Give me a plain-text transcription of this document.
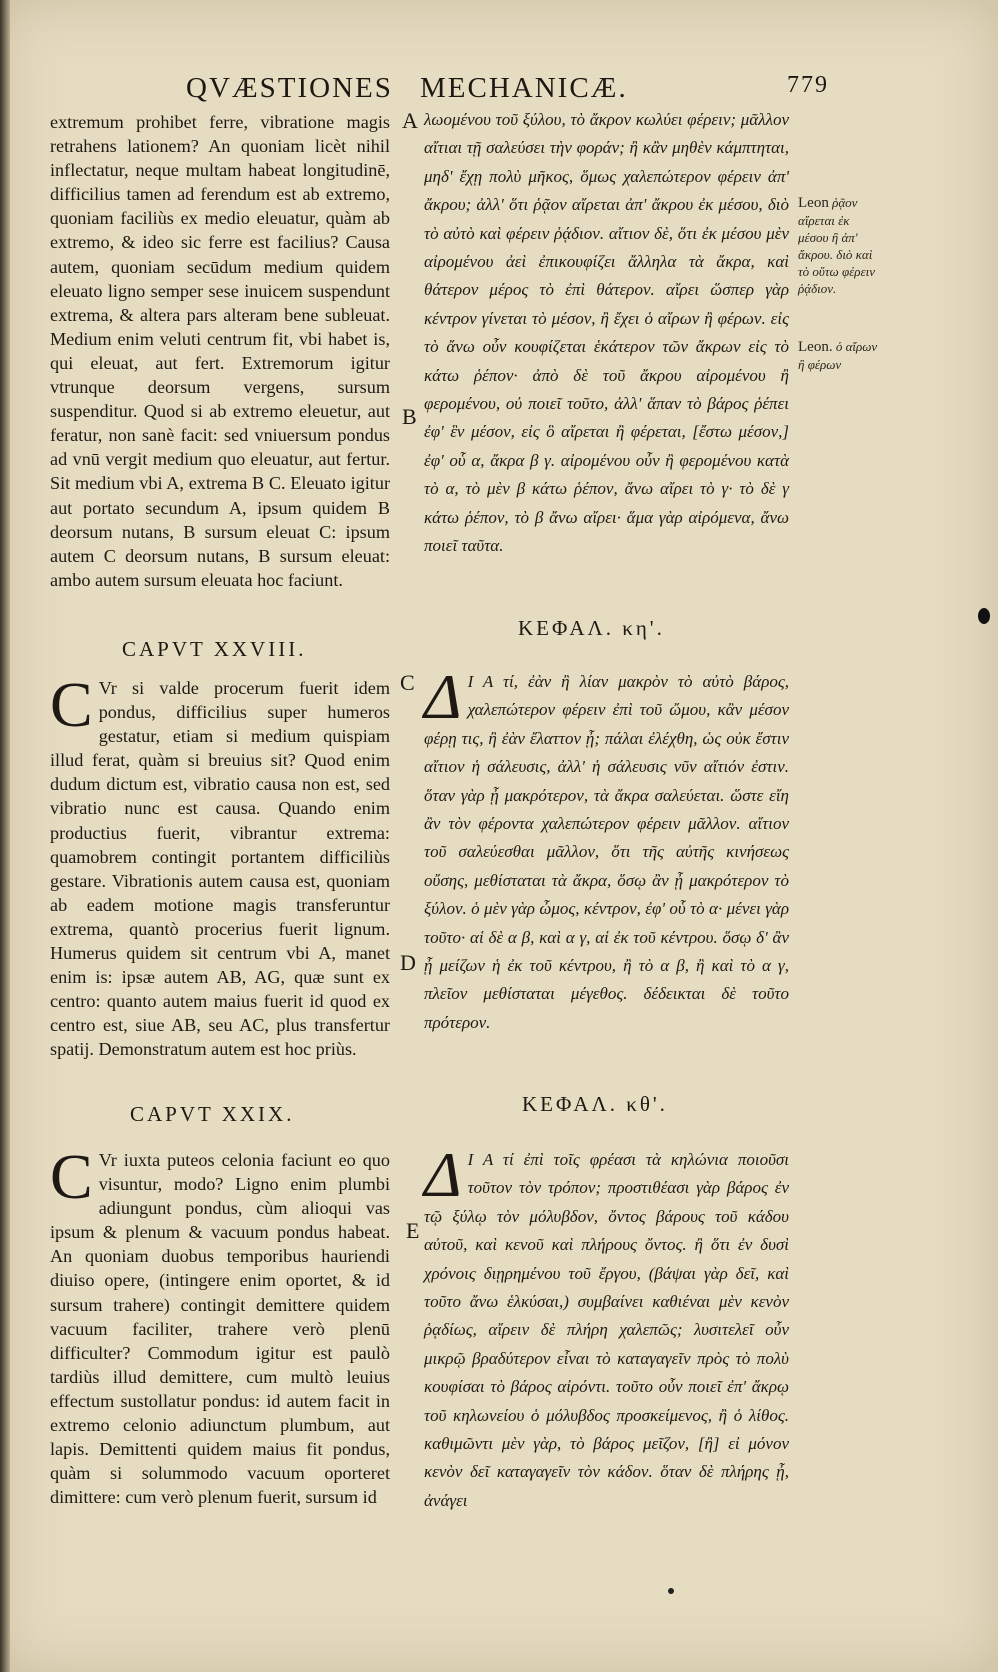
QVÆSTIONES MECHANICÆ.	779

extremum prohibet ferre, vibratione magis retrahens lationem? An quoniam licèt nihil inflectatur, neque multam habeat longitudinē, difficilius tamen ad ferendum est ab extremo, quoniam faciliùs ex medio eleuatur, quàm ab extremo, & ideo sic ferre est facilius? Causa autem, quoniam secūdum medium quidem eleuato ligno semper sese inuicem suspendunt extrema, & altera pars alteram bene subleuat. Medium enim veluti centrum fit, vbi habet is, qui eleuat, aut fert. Extremorum igitur vtrunque deorsum vergens, sursum suspenditur. Quod si ab extremo eleuetur, aut feratur, non sanè facit: sed vniuersum pondus ad vnū vergit medium quo eleuatur, aut fertur. Sit medium vbi A, extrema B C. Eleuato igitur aut portato secundum A, ipsum quidem B deorsum nutans, B sursum eleuat C: ipsum autem C deorsum nutans, B sursum eleuat: ambo autem sursum eleuata hoc faciunt.

CAPVT XXVIII.
C Vr si valde procerum fuerit idem pondus, difficilius super humeros gestatur, etiam si medium quispiam illud ferat, quàm si breuius sit? Quod enim dudum dictum est, vibratio causa non est, sed vibratio nunc est causa. Quando enim productius fuerit, vibrantur extrema: quamobrem contingit portantem difficiliùs gestare. Vibrationis autem causa est, quoniam ab eadem motione magis transferuntur extrema, quantò procerius fuerit lignum. Humerus quidem sit centrum vbi A, manet enim is: ipsæ autem AB, AG, quæ sunt ex centro: quanto autem maius fuerit id quod ex centro est, siue AB, seu AC, plus transfertur spatij. Demonstratum autem est hoc priùs.

CAPVT XXIX.
C Vr iuxta puteos celonia faciunt eo quo visuntur, modo? Ligno enim plumbi adiungunt pondus, cùm alioqui vas ipsum & plenum & vacuum pondus habeat. An quoniam duobus temporibus hauriendi diuiso opere, (intingere enim oportet, & id sursum trahere) contingit demittere quidem vacuum faciliter, trahere verò plenū difficulter? Commodum igitur est paulò tardiùs illud demittere, cum multò leuius effectum sustollatur pondus: id autem facit in extremo celonio adiunctum plumbum, aut lapis. Demittenti quidem maius fit pondus, quàm si solummodo vacuum oporteret dimittere: cum verò plenum fuerit, sursum id

A
B
C
D
E

λωομένου τοῦ ξύλου, τὸ ἄκρον κωλύει φέρειν; μᾶλλον αἴτιαι τῇ σαλεύσει τὴν φοράν; ἢ κἂν μηθὲν κάμπτηται, μηδ' ἔχῃ πολὺ μῆκος, ὅμως χαλεπώτερον φέρειν ἀπ' ἄκρου; ἀλλ' ὅτι ῥᾷον αἴρεται ἀπ' ἄκρου ἐκ μέσου, διὸ τὸ αὐτὸ καὶ φέρειν ῥᾴδιον. αἴτιον δὲ, ὅτι ἐκ μέσου μὲν αἰρομένου ἀεὶ ἐπικουφίζει ἄλληλα τὰ ἄκρα, καὶ θάτερον μέρος τὸ ἐπὶ θάτερον. αἴρει ὥσπερ γὰρ κέντρον γίνεται τὸ μέσον, ἢ ἔχει ὁ αἴρων ἢ φέρων. εἰς τὸ ἄνω οὖν κουφίζεται ἑκάτερον τῶν ἄκρων εἰς τὸ κάτω ῥέπον· ἀπὸ δὲ τοῦ ἄκρου αἰρομένου ἢ φερομένου, οὐ ποιεῖ τοῦτο, ἀλλ' ἅπαν τὸ βάρος ῥέπει ἐφ' ἓν μέσον, εἰς ὃ αἴρεται ἢ φέρεται, [ἔστω μέσον,] ἐφ' οὗ α, ἄκρα β γ. αἰρομένου οὖν ἢ φερομένου κατὰ τὸ α, τὸ μὲν β κάτω ῥέπον, ἄνω αἴρει τὸ γ· τὸ δὲ γ κάτω ῥέπον, τὸ β ἄνω αἴρει· ἅμα γὰρ αἰρόμενα, ἄνω ποιεῖ ταῦτα.

ΚΕΦΑΛ. κη'.
Δ Ι Α τί, ἐὰν ἢ λίαν μακρὸν τὸ αὐτὸ βάρος, χαλεπώτερον φέρειν ἐπὶ τοῦ ὤμου, κἂν μέσον φέρῃ τις, ἢ ἐὰν ἔλαττον ᾖ; πάλαι ἐλέχθη, ὡς οὐκ ἔστιν αἴτιον ἡ σάλευσις, ἀλλ' ἡ σάλευσις νῦν αἴτιόν ἐστιν. ὅταν γὰρ ᾖ μακρότερον, τὰ ἄκρα σαλεύεται. ὥστε εἴη ἂν τὸν φέροντα χαλεπώτερον φέρειν μᾶλλον. αἴτιον τοῦ σαλεύεσθαι μᾶλλον, ὅτι τῆς αὐτῆς κινήσεως οὔσης, μεθίσταται τὰ ἄκρα, ὅσῳ ἂν ᾖ μακρότερον τὸ ξύλον. ὁ μὲν γὰρ ὦμος, κέντρον, ἐφ' οὗ τὸ α· μένει γὰρ τοῦτο· αἱ δὲ α β, καὶ α γ, αἱ ἐκ τοῦ κέντρου. ὅσῳ δ' ἂν ᾖ μείζων ἡ ἐκ τοῦ κέντρου, ἢ τὸ α β, ἢ καὶ τὸ α γ, πλεῖον μεθίσταται μέγεθος. δέδεικται δὲ τοῦτο πρότερον.

ΚΕΦΑΛ. κθ'.
Δ Ι Α τί ἐπὶ τοῖς φρέασι τὰ κηλώνια ποιοῦσι τοῦτον τὸν τρόπον; προστιθέασι γὰρ βάρος ἐν τῷ ξύλῳ τὸν μόλυβδον, ὄντος βάρους τοῦ κάδου αὐτοῦ, καὶ κενοῦ καὶ πλήρους ὄντος. ἢ ὅτι ἐν δυσὶ χρόνοις διῃρημένου τοῦ ἔργου, (βάψαι γὰρ δεῖ, καὶ τοῦτο ἄνω ἑλκύσαι,) συμβαίνει καθιέναι μὲν κενὸν ῥᾳδίως, αἴρειν δὲ πλήρη χαλεπῶς; λυσιτελεῖ οὖν μικρῷ βραδύτερον εἶναι τὸ καταγαγεῖν πρὸς τὸ πολὺ κουφίσαι τὸ βάρος αἰρόντι. τοῦτο οὖν ποιεῖ ἐπ' ἄκρῳ τοῦ κηλωνείου ὁ μόλυβδος προσκείμενος, ἢ ὁ λίθος. καθιμῶντι μὲν γὰρ, τὸ βάρος μεῖζον, [ἢ] εἰ μόνον κενὸν δεῖ καταγαγεῖν τὸν κάδον. ὅταν δὲ πλήρης ᾖ, ἀνάγει

Leon ῥᾷον αἴρεται ἐκ μέσου ἢ ἀπ' ἄκρου. διὸ καὶ τὸ οὕτω φέρειν ῥᾴδιον.
Leon. ὁ αἴρων ἢ φέρων
